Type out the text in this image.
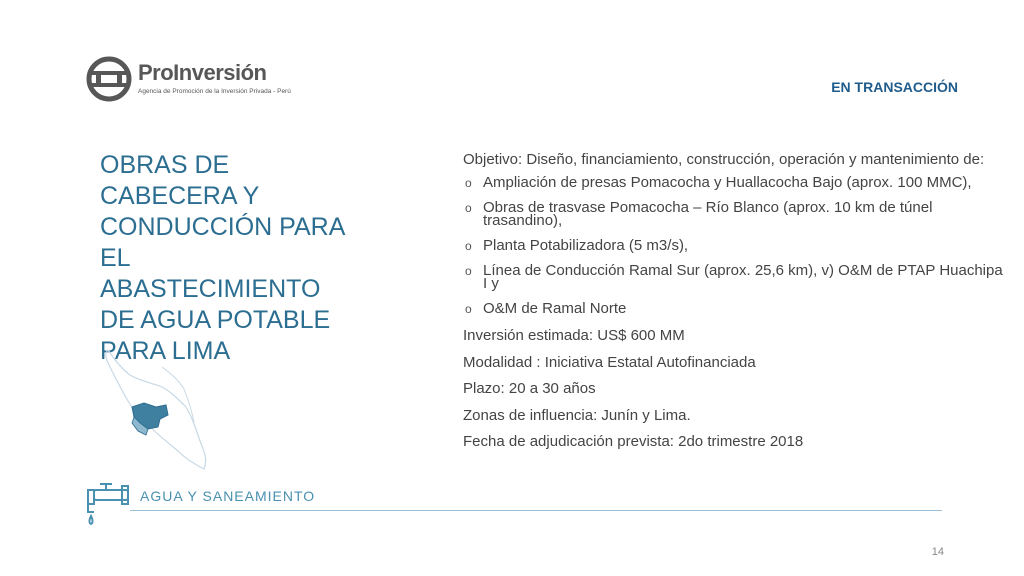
ProInversión
Agencia de Promoción de la Inversión Privada - Perú	EN TRANSACCIÓN
OBRAS DE
CABECERA Y
CONDUCCIÓN PARA
EL
ABASTECIMIENTO
DE AGUA POTABLE
PARA LIMA
AGUA Y SANEAMIENTO
Objetivo: Diseño, financiamiento, construcción, operación y mantenimiento de:
o Ampliación de presas Pomacocha y Huallacocha Bajo (aprox. 100 MMC),
o Obras de trasvase Pomacocha – Río Blanco (aprox. 10 km de túnel trasandino),
o Planta Potabilizadora (5 m3/s),
o Línea de Conducción Ramal Sur (aprox. 25,6 km), v) O&M de PTAP Huachipa I y
o O&M de Ramal Norte
Inversión estimada: US$ 600 MM
Modalidad : Iniciativa Estatal Autofinanciada
Plazo: 20 a 30 años
Zonas de influencia: Junín y Lima.
Fecha de adjudicación prevista: 2do trimestre 2018
14
